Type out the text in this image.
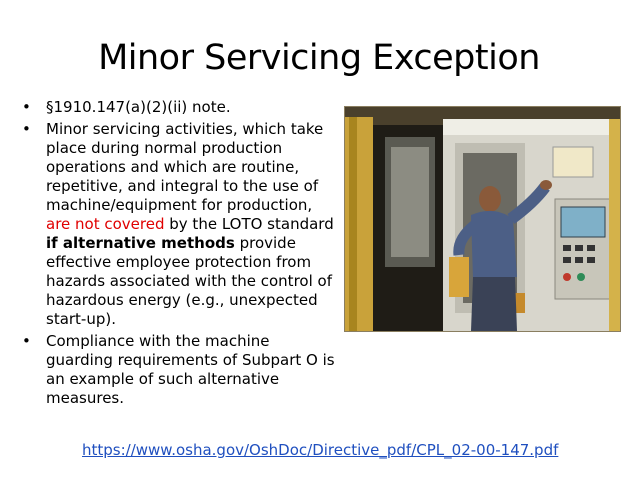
Minor Servicing Exception
• §1910.147(a)(2)(ii) note.
• Minor servicing activities, which take place during normal production operations and which are routine, repetitive, and integral to the use of machine/equipment for production, are not covered by the LOTO standard if alternative methods provide effective employee protection from hazards associated with the control of hazardous energy (e.g., unexpected start-up).
• Compliance with the machine guarding requirements of Subpart O is an example of such alternative measures.
https://www.osha.gov/OshDoc/Directive_pdf/CPL_02-00-147.pdf
